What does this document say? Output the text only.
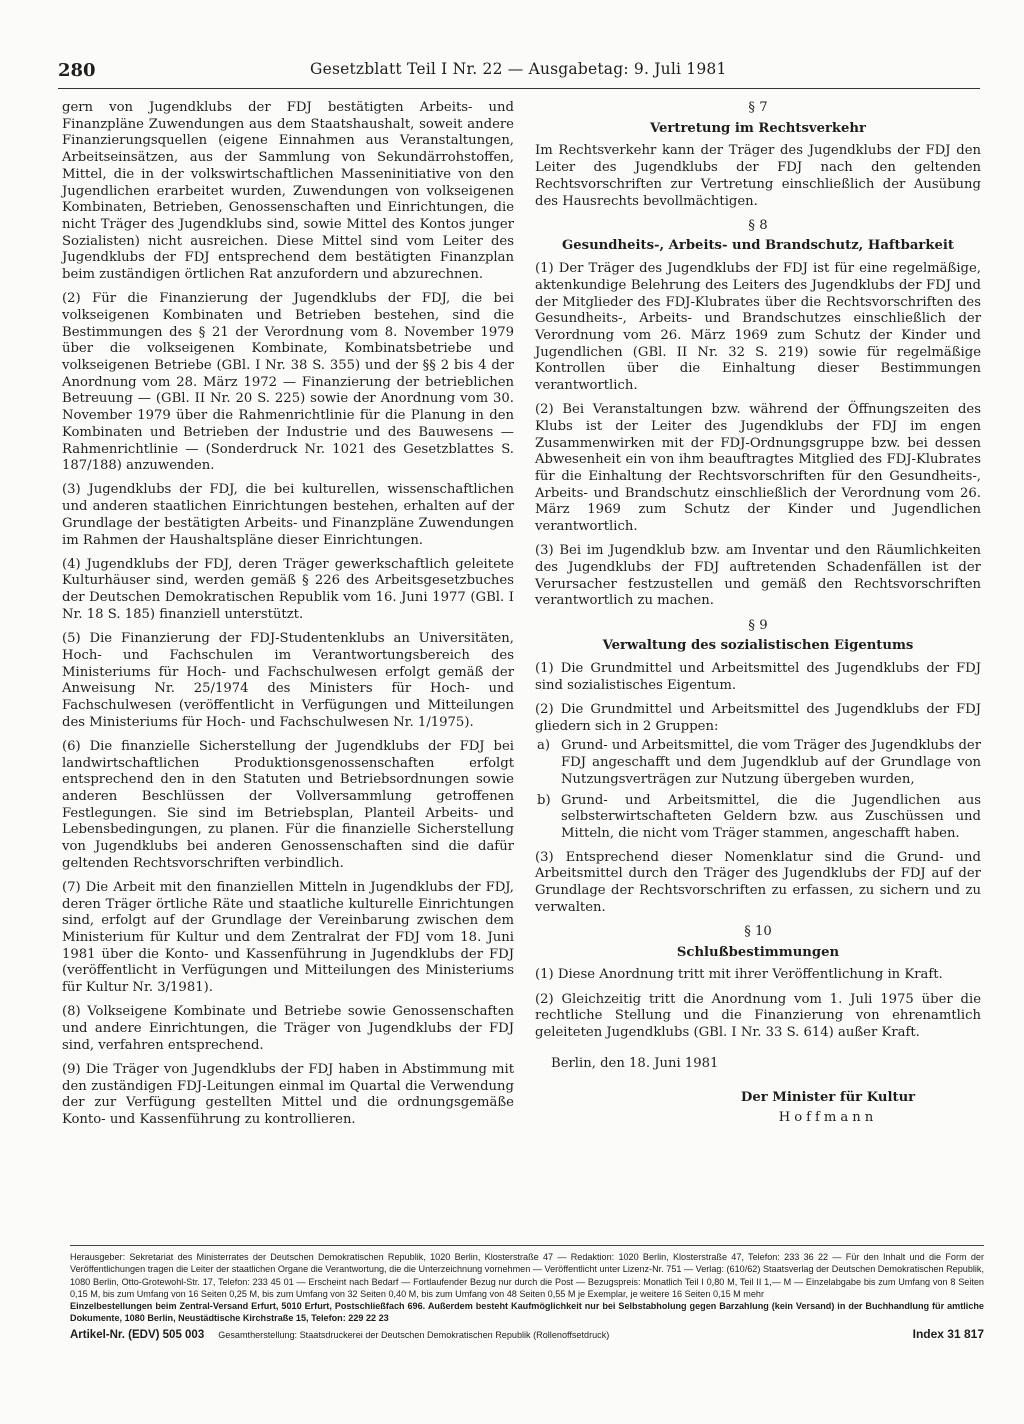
280	Gesetzblatt Teil I Nr. 22 — Ausgabetag: 9. Juli 1981

gern von Jugendklubs der FDJ bestätigten Arbeits- und Finanzpläne Zuwendungen aus dem Staatshaushalt, soweit andere Finanzierungsquellen (eigene Einnahmen aus Veranstaltungen, Arbeitseinsätzen, aus der Sammlung von Sekundärrohstoffen, Mittel, die in der volkswirtschaftlichen Masseninitiative von den Jugendlichen erarbeitet wurden, Zuwendungen von volkseigenen Kombinaten, Betrieben, Genossenschaften und Einrichtungen, die nicht Träger des Jugendklubs sind, sowie Mittel des Kontos junger Sozialisten) nicht ausreichen. Diese Mittel sind vom Leiter des Jugendklubs der FDJ entsprechend dem bestätigten Finanzplan beim zuständigen örtlichen Rat anzufordern und abzurechnen.

(2) Für die Finanzierung der Jugendklubs der FDJ, die bei volkseigenen Kombinaten und Betrieben bestehen, sind die Bestimmungen des § 21 der Verordnung vom 8. November 1979 über die volkseigenen Kombinate, Kombinatsbetriebe und volkseigenen Betriebe (GBl. I Nr. 38 S. 355) und der §§ 2 bis 4 der Anordnung vom 28. März 1972 — Finanzierung der betrieblichen Betreuung — (GBl. II Nr. 20 S. 225) sowie der Anordnung vom 30. November 1979 über die Rahmenrichtlinie für die Planung in den Kombinaten und Betrieben der Industrie und des Bauwesens — Rahmenrichtlinie — (Sonderdruck Nr. 1021 des Gesetzblattes S. 187/188) anzuwenden.

(3) Jugendklubs der FDJ, die bei kulturellen, wissenschaftlichen und anderen staatlichen Einrichtungen bestehen, erhalten auf der Grundlage der bestätigten Arbeits- und Finanzpläne Zuwendungen im Rahmen der Haushaltspläne dieser Einrichtungen.

(4) Jugendklubs der FDJ, deren Träger gewerkschaftlich geleitete Kulturhäuser sind, werden gemäß § 226 des Arbeitsgesetzbuches der Deutschen Demokratischen Republik vom 16. Juni 1977 (GBl. I Nr. 18 S. 185) finanziell unterstützt.

(5) Die Finanzierung der FDJ-Studentenklubs an Universitäten, Hoch- und Fachschulen im Verantwortungsbereich des Ministeriums für Hoch- und Fachschulwesen erfolgt gemäß der Anweisung Nr. 25/1974 des Ministers für Hoch- und Fachschulwesen (veröffentlicht in Verfügungen und Mitteilungen des Ministeriums für Hoch- und Fachschulwesen Nr. 1/1975).

(6) Die finanzielle Sicherstellung der Jugendklubs der FDJ bei landwirtschaftlichen Produktionsgenossenschaften erfolgt entsprechend den in den Statuten und Betriebsordnungen sowie anderen Beschlüssen der Vollversammlung getroffenen Festlegungen. Sie sind im Betriebsplan, Planteil Arbeits- und Lebensbedingungen, zu planen. Für die finanzielle Sicherstellung von Jugendklubs bei anderen Genossenschaften sind die dafür geltenden Rechtsvorschriften verbindlich.

(7) Die Arbeit mit den finanziellen Mitteln in Jugendklubs der FDJ, deren Träger örtliche Räte und staatliche kulturelle Einrichtungen sind, erfolgt auf der Grundlage der Vereinbarung zwischen dem Ministerium für Kultur und dem Zentralrat der FDJ vom 18. Juni 1981 über die Konto- und Kassenführung in Jugendklubs der FDJ (veröffentlicht in Verfügungen und Mitteilungen des Ministeriums für Kultur Nr. 3/1981).

(8) Volkseigene Kombinate und Betriebe sowie Genossenschaften und andere Einrichtungen, die Träger von Jugendklubs der FDJ sind, verfahren entsprechend.

(9) Die Träger von Jugendklubs der FDJ haben in Abstimmung mit den zuständigen FDJ-Leitungen einmal im Quartal die Verwendung der zur Verfügung gestellten Mittel und die ordnungsgemäße Konto- und Kassenführung zu kontrollieren.

§ 7
Vertretung im Rechtsverkehr

Im Rechtsverkehr kann der Träger des Jugendklubs der FDJ den Leiter des Jugendklubs der FDJ nach den geltenden Rechtsvorschriften zur Vertretung einschließlich der Ausübung des Hausrechts bevollmächtigen.

§ 8
Gesundheits-, Arbeits- und Brandschutz, Haftbarkeit

(1) Der Träger des Jugendklubs der FDJ ist für eine regelmäßige, aktenkundige Belehrung des Leiters des Jugendklubs der FDJ und der Mitglieder des FDJ-Klubrates über die Rechtsvorschriften des Gesundheits-, Arbeits- und Brandschutzes einschließlich der Verordnung vom 26. März 1969 zum Schutz der Kinder und Jugendlichen (GBl. II Nr. 32 S. 219) sowie für regelmäßige Kontrollen über die Einhaltung dieser Bestimmungen verantwortlich.

(2) Bei Veranstaltungen bzw. während der Öffnungszeiten des Klubs ist der Leiter des Jugendklubs der FDJ im engen Zusammenwirken mit der FDJ-Ordnungsgruppe bzw. bei dessen Abwesenheit ein von ihm beauftragtes Mitglied des FDJ-Klubrates für die Einhaltung der Rechtsvorschriften für den Gesundheits-, Arbeits- und Brandschutz einschließlich der Verordnung vom 26. März 1969 zum Schutz der Kinder und Jugendlichen verantwortlich.

(3) Bei im Jugendklub bzw. am Inventar und den Räumlichkeiten des Jugendklubs der FDJ auftretenden Schadenfällen ist der Verursacher festzustellen und gemäß den Rechtsvorschriften verantwortlich zu machen.

§ 9
Verwaltung des sozialistischen Eigentums

(1) Die Grundmittel und Arbeitsmittel des Jugendklubs der FDJ sind sozialistisches Eigentum.

(2) Die Grundmittel und Arbeitsmittel des Jugendklubs der FDJ gliedern sich in 2 Gruppen:

a) Grund- und Arbeitsmittel, die vom Träger des Jugendklubs der FDJ angeschafft und dem Jugendklub auf der Grundlage von Nutzungsverträgen zur Nutzung übergeben wurden,
b) Grund- und Arbeitsmittel, die die Jugendlichen aus selbsterwirtschafteten Geldern bzw. aus Zuschüssen und Mitteln, die nicht vom Träger stammen, angeschafft haben.

(3) Entsprechend dieser Nomenklatur sind die Grund- und Arbeitsmittel durch den Träger des Jugendklubs der FDJ auf der Grundlage der Rechtsvorschriften zu erfassen, zu sichern und zu verwalten.

§ 10
Schlußbestimmungen

(1) Diese Anordnung tritt mit ihrer Veröffentlichung in Kraft.

(2) Gleichzeitig tritt die Anordnung vom 1. Juli 1975 über die rechtliche Stellung und die Finanzierung von ehrenamtlich geleiteten Jugendklubs (GBl. I Nr. 33 S. 614) außer Kraft.

Berlin, den 18. Juni 1981
Der Minister für Kultur
Hoffmann
Herausgeber: Sekretariat des Ministerrates der Deutschen Demokratischen Republik, 1020 Berlin, Klosterstraße 47 — Redaktion: 1020 Berlin, Klosterstraße 47, Telefon: 233 36 22 — Für den Inhalt und die Form der Veröffentlichungen tragen die Leiter der staatlichen Organe die Verantwortung, die die Unterzeichnung vornehmen — Veröffentlicht unter Lizenz-Nr. 751 — Verlag: (610/62) Staatsverlag der Deutschen Demokratischen Republik, 1080 Berlin, Otto-Grotewohl-Str. 17, Telefon: 233 45 01 — Erscheint nach Bedarf — Fortlaufender Bezug nur durch die Post — Bezugspreis: Monatlich Teil I 0,80 M, Teil II 1,— M — Einzelabgabe bis zum Umfang von 8 Seiten 0,15 M, bis zum Umfang von 16 Seiten 0,25 M, bis zum Umfang von 32 Seiten 0,40 M, bis zum Umfang von 48 Seiten 0,55 M je Exemplar, je weitere 16 Seiten 0,15 M mehr
Einzelbestellungen beim Zentral-Versand Erfurt, 5010 Erfurt, Postschließfach 696. Außerdem besteht Kaufmöglichkeit nur bei Selbstabholung gegen Barzahlung (kein Versand) in der Buchhandlung für amtliche Dokumente, 1080 Berlin, Neustädtische Kirchstraße 15, Telefon: 229 22 23
Artikel-Nr. (EDV) 505 003	Gesamtherstellung: Staatsdruckerei der Deutschen Demokratischen Republik (Rollenoffsetdruck)	Index 31 817
